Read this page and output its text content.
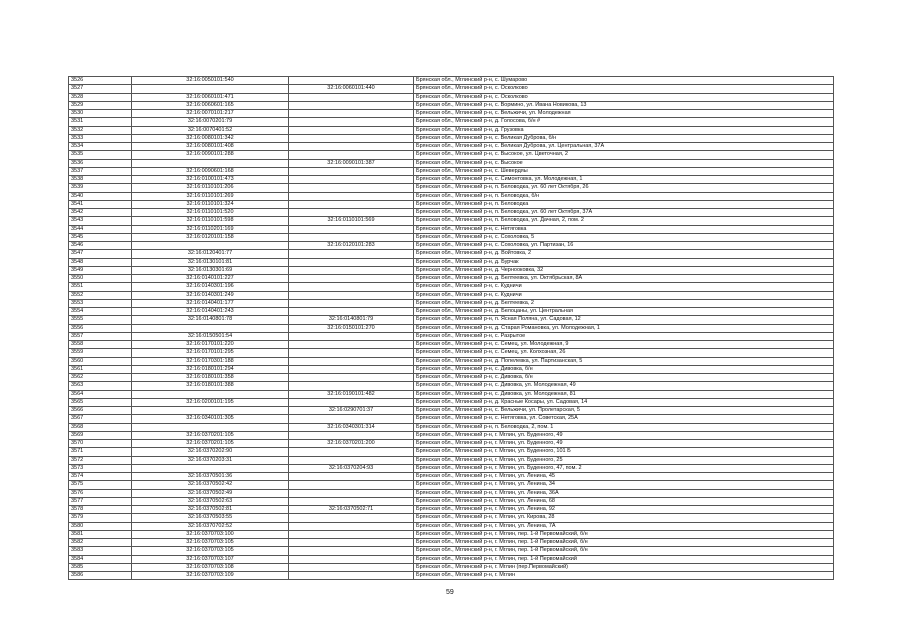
3526	32:16:0050101:540		Брянская обл., Мглинский р-н, с. Шумарово
3527		32:16:0060101:440	Брянская обл., Мглинский р-н, с. Осколково
3528	32:16:0060101:471		Брянская обл., Мглинский р-н, с. Осколково
3529	32:16:0060601:165		Брянская обл., Мглинский р-н, с. Вормино, ул. Ивана Новикова, 13
3530	32:16:0070101:217		Брянская обл., Мглинский р-н, с. Вельжичи, ул. Молодежная
3531	32:16:0070201:79		Брянская обл., Мглинский р-н, д. Голосова, б/н #
3532	32:16:0070401:52		Брянская обл., Мглинский р-н, д. Грузовка
3533	32:16:0080101:342		Брянская обл., Мглинский р-н, с. Великая Дуброва, б/н
3534	32:16:0080101:408		Брянская обл., Мглинский р-н, с. Великая Дуброва, ул. Центральная, 37А
3535	32:16:0090101:288		Брянская обл., Мглинский р-н, с. Высокое, ул. Цветочная, 2
3536		32:16:0090101:387	Брянская обл., Мглинский р-н, с. Высокое
3537	32:16:0090601:168		Брянская обл., Мглинский р-н, с. Шевердяы
3538	32:16:0100101:473		Брянская обл., Мглинский р-н, с. Симонтовка, ул. Молодежная, 1
3539	32:16:0110101:206		Брянская обл., Мглинский р-н, п. Беловодка, ул. 60 лет Октября, 26
3540	32:16:0110101:269		Брянская обл., Мглинский р-н, п. Беловодка, б/н
3541	32:16:0110101:324		Брянская обл., Мглинский р-н, п. Беловодка
3542	32:16:0110101:520		Брянская обл., Мглинский р-н, п. Беловодка, ул. 60 лет Октября, 37А
3543	32:16:0110101:598	32:16:0110101:569	Брянская обл., Мглинский р-н, п. Беловодка, ул. Дачная, 2, пом. 2
3544	32:16:0110201:169		Брянская обл., Мглинский р-н, с. Нетяговка
3545	32:16:0120101:158		Брянская обл., Мглинский р-н, с. Сохоловка, 5
3546		32:16:0120101:283	Брянская обл., Мглинский р-н, с. Сохоловка, ул. Партизан, 16
3547	32:16:0120401:77		Брянская обл., Мглинский р-н, д. Войтовка, 2
3548	32:16:0130101:81		Брянская обл., Мглинский р-н, д. Бурчак
3549	32:16:0130301:69		Брянская обл., Мглинский р-н, д. Чернооковка, 32
3550	32:16:0140101:227		Брянская обл., Мглинский р-н, д. Белтеевка, ул. Октябрьская, 8А
3551	32:16:0140301:196		Брянская обл., Мглинский р-н, с. Кудничи
3552	32:16:0140301:249		Брянская обл., Мглинский р-н, с. Кудничи
3553	32:16:0140401:177		Брянская обл., Мглинский р-н, д. Белтеевка, 2
3554	32:16:0140401:243		Брянская обл., Мглинский р-н, д. Белоцаны, ул. Центральная
3555	32:16:0140801:78	32:16:0140801:79	Брянская обл., Мглинский р-н, п. Ясная Поляна, ул. Садовая, 12
3556		32:16:0150101:270	Брянская обл., Мглинский р-н, д. Старая Романовка, ул. Молодежная, 1
3557	32:16:0150501:54		Брянская обл., Мглинский р-н, с. Разрытое
3558	32:16:0170101:220		Брянская обл., Мглинский р-н, с. Семец, ул. Молодежная, 9
3559	32:16:0170101:295		Брянская обл., Мглинский р-н, с. Семец, ул. Колхозная, 26
3560	32:16:0170301:188		Брянская обл., Мглинский р-н, д. Попелевка, ул. Партизанская, 5
3561	32:16:0180101:294		Брянская обл., Мглинский р-н, с. Дивовка, б/н
3562	32:16:0180101:358		Брянская обл., Мглинский р-н, с. Дивовка, б/н
3563	32:16:0180101:388		Брянская обл., Мглинский р-н, с. Дивовка, ул. Молодежная, 49
3564		32:16:0190101:482	Брянская обл., Мглинский р-н, с. Дивовка, ул. Молодежная, 81
3565	32:16:0200101:195		Брянская обл., Мглинский р-н, д. Красные Косары, ул. Садовая, 14
3566		32:16:0290701:37	Брянская обл., Мглинский р-н, с. Вельжичи, ул. Пролетарская, 5
3567	32:16:0340101:305		Брянская обл., Мглинский р-н, с. Нетяговка, ул. Советская, 25А
3568		32:16:0340301:314	Брянская обл., Мглинский р-н, п. Беловодка, 2, пом. 1
3569	32:16:0370201:105		Брянская обл., Мглинский р-н, г. Мглин, ул. Буденного, 49
3570	32:16:0370201:105	32:16:0370201:200	Брянская обл., Мглинский р-н, г. Мглин, ул. Буденного, 49
3571	32:16:0370202:90		Брянская обл., Мглинский р-н, г. Мглин, ул. Буденного, 101 Б
3572	32:16:0370203:31		Брянская обл., Мглинский р-н, г. Мглин, ул. Буденного, 25
3573		32:16:0370204:93	Брянская обл., Мглинский р-н, г. Мглин, ул. Буденного, 47, пом. 2
3574	32:16:0370501:36		Брянская обл., Мглинский р-н, г. Мглин, ул. Ленина, 45
3575	32:16:0370502:42		Брянская обл., Мглинский р-н, г. Мглин, ул. Ленина, 34
3576	32:16:0370502:49		Брянская обл., Мглинский р-н, г. Мглин, ул. Ленина, 36А
3577	32:16:0370502:63		Брянская обл., Мглинский р-н, г. Мглин, ул. Ленина, 68
3578	32:16:0370502:81	32:16:0370502:71	Брянская обл., Мглинский р-н, г. Мглин, ул. Ленина, 92
3579	32:16:0370503:55		Брянская обл., Мглинский р-н, г. Мглин, ул. Кирова, 28
3580	32:16:0370702:52		Брянская обл., Мглинский р-н, г. Мглин, ул. Ленина, 7А
3581	32:16:0370703:100		Брянская обл., Мглинский р-н, г. Мглин, пер. 1-й Первомайский, б/н
3582	32:16:0370703:105		Брянская обл., Мглинский р-н, г. Мглин, пер. 1-й Первомайский, б/н
3583	32:16:0370703:105		Брянская обл., Мглинский р-н, г. Мглин, пер. 1-й Первомайский, б/н
3584	32:16:0370703:107		Брянская обл., Мглинский р-н, г. Мглин, пер. 1-й Первомайский
3585	32:16:0370703:108		Брянская обл., Мглинский р-н, г. Мглин (пер.Первомайский)
3586	32:16:0370703:109		Брянская обл., Мглинский р-н, г. Мглин
59
